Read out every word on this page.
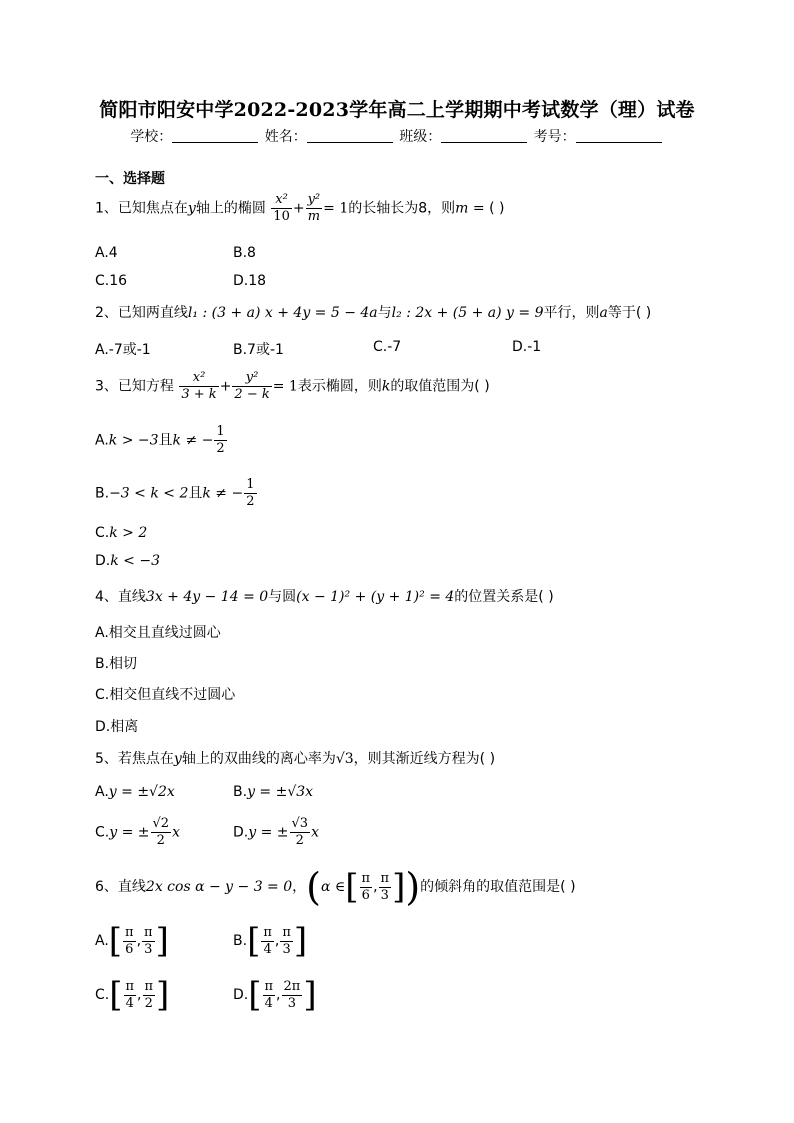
简阳市阳安中学2022-2023学年高二上学期期中考试数学（理）试卷
学校：	姓名：	班级：	考号：
一、选择题
1、已知焦点在y轴上的椭圆 $\frac{\text{x²}}{10} + \frac{\text{y²}}{m} = 1$的长轴长为8，则m = ( )
A.4	B.8
C.16	D.18
2、已知两直线l₁ : (3 + a) x + 4y = 5 − 4a与l₂ : 2x + (5 + a) y = 9平行，则a等于( )
A.-7或-1	B.7或-1	C.-7	D.-1
3、已知方程 $\frac{\text{x²}}{3 + k} + \frac{\text{y²}}{2 - k} = 1$表示椭圆，则k的取值范围为( )
A.k > −3且k ≠ − $\frac{1}{2}$
B.−3 < k < 2且k ≠ − $\frac{1}{2}$
C.k > 2
D.k < −3
4、直线3x + 4y − 14 = 0与圆(x − 1)² + (y + 1)² = 4的位置关系是( )
A.相交且直线过圆心
B.相切
C.相交但直线不过圆心
D.相离
5、若焦点在y轴上的双曲线的离心率为√3，则其渐近线方程为( )
A.y = ±√2x	B.y = ±√3x
C.y = ± $\frac{√2}{2}$ x	D.y = ± $\frac{√3}{2}$ x
6、直线2x cos α − y − 3 = 0，(α ∈[ $\frac{\pi}{6}$ , $\frac{\pi}{3}$ ])的倾斜角的取值范围是( )
$A.[ \frac{\pi}{6}$ , $\frac{\pi}{3}$ ]	$B.[ \frac{\pi}{4}$ , $\frac{\pi}{3}$ ]
$C.[ \frac{\pi}{4}$ , $\frac{\pi}{2}$ ]	$D.[ \frac{\pi}{4}$ , $\frac{2\pi}{3}$ ]
